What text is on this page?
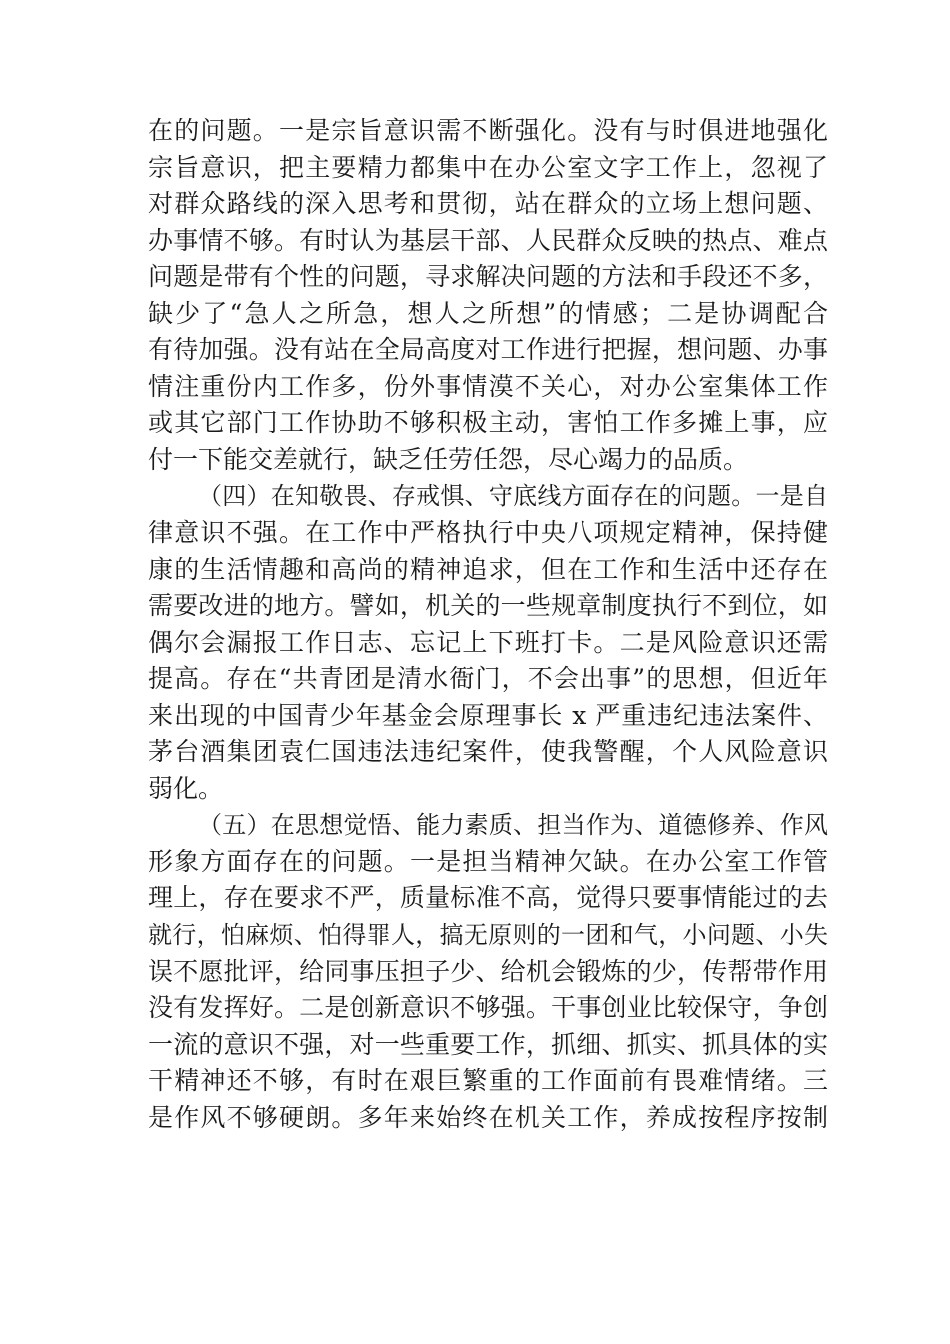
在的问题。一是宗旨意识需不断强化。没有与时俱进地强化
宗旨意识，把主要精力都集中在办公室文字工作上，忽视了
对群众路线的深入思考和贯彻，站在群众的立场上想问题、
办事情不够。有时认为基层干部、人民群众反映的热点、难点
问题是带有个性的问题，寻求解决问题的方法和手段还不多，
缺少了“急人之所急，想人之所想”的情感；二是协调配合
有待加强。没有站在全局高度对工作进行把握，想问题、办事
情注重份内工作多，份外事情漠不关心，对办公室集体工作
或其它部门工作协助不够积极主动，害怕工作多摊上事，应
付一下能交差就行，缺乏任劳任怨，尽心竭力的品质。
（四）在知敬畏、存戒惧、守底线方面存在的问题。一是自
律意识不强。在工作中严格执行中央八项规定精神，保持健
康的生活情趣和高尚的精神追求，但在工作和生活中还存在
需要改进的地方。譬如，机关的一些规章制度执行不到位，如
偶尔会漏报工作日志、忘记上下班打卡。二是风险意识还需
提高。存在“共青团是清水衙门，不会出事”的思想，但近年
来出现的中国青少年基金会原理事长 x 严重违纪违法案件、
茅台酒集团袁仁国违法违纪案件，使我警醒，个人风险意识
弱化。
（五）在思想觉悟、能力素质、担当作为、道德修养、作风
形象方面存在的问题。一是担当精神欠缺。在办公室工作管
理上，存在要求不严，质量标准不高，觉得只要事情能过的去
就行，怕麻烦、怕得罪人，搞无原则的一团和气，小问题、小失
误不愿批评，给同事压担子少、给机会锻炼的少，传帮带作用
没有发挥好。二是创新意识不够强。干事创业比较保守，争创
一流的意识不强，对一些重要工作，抓细、抓实、抓具体的实
干精神还不够，有时在艰巨繁重的工作面前有畏难情绪。三
是作风不够硬朗。多年来始终在机关工作，养成按程序按制
